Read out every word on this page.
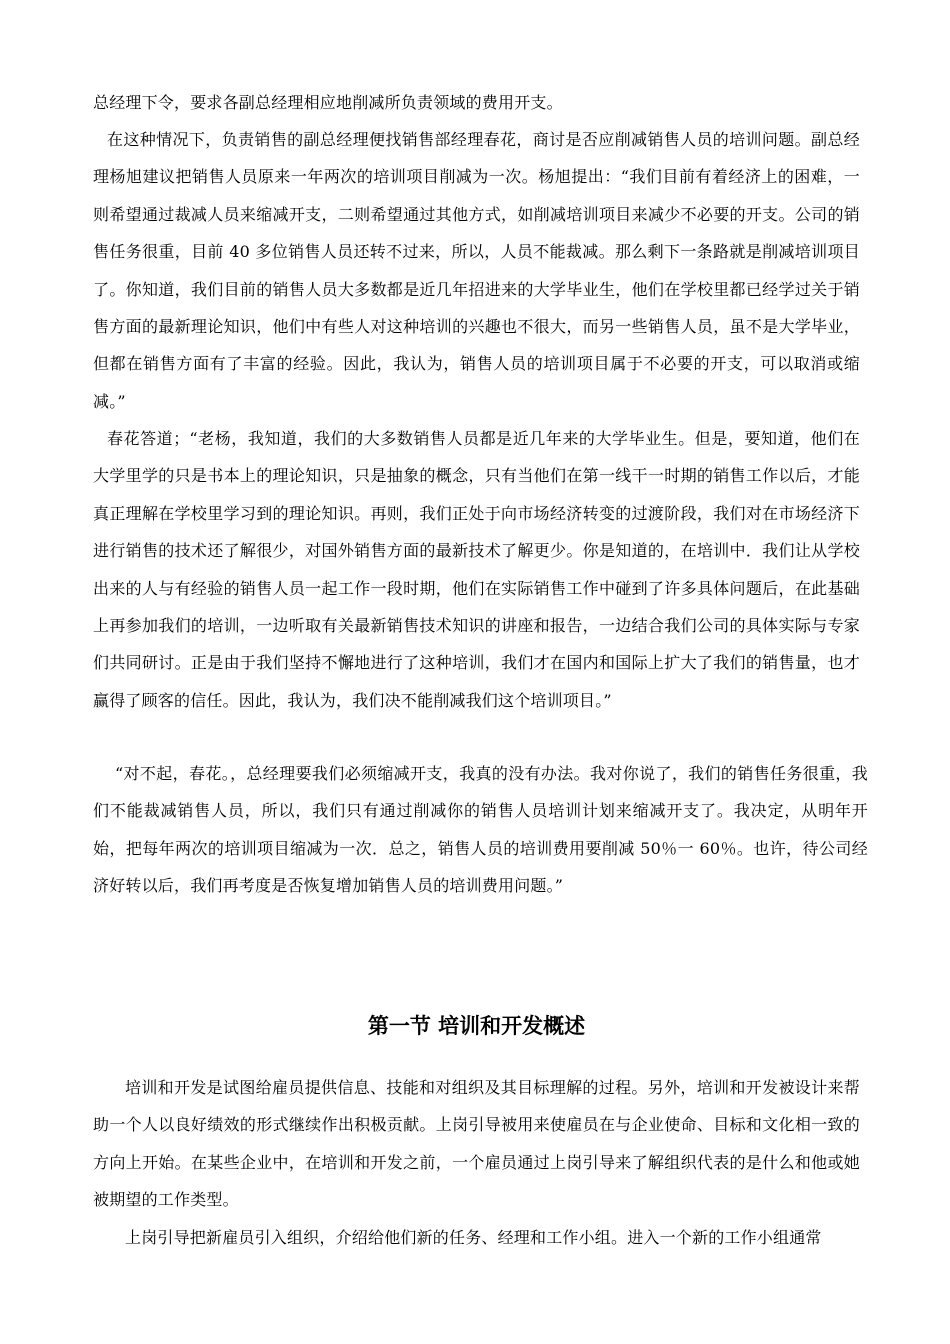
总经理下令，要求各副总经理相应地削减所负责领域的费用开支。

在这种情况下，负责销售的副总经理便找销售部经理春花，商讨是否应削减销售人员的培训问题。副总经理杨旭建议把销售人员原来一年两次的培训项目削减为一次。杨旭提出：“我们目前有着经济上的困难，一则希望通过裁减人员来缩减开支，二则希望通过其他方式，如削减培训项目来减少不必要的开支。公司的销售任务很重，目前 40 多位销售人员还转不过来，所以，人员不能裁减。那么剩下一条路就是削减培训项目了。你知道，我们目前的销售人员大多数都是近几年招进来的大学毕业生，他们在学校里都已经学过关于销售方面的最新理论知识，他们中有些人对这种培训的兴趣也不很大，而另一些销售人员，虽不是大学毕业，但都在销售方面有了丰富的经验。因此，我认为，销售人员的培训项目属于不必要的开支，可以取消或缩减。”

春花答道；“老杨，我知道，我们的大多数销售人员都是近几年来的大学毕业生。但是，要知道，他们在大学里学的只是书本上的理论知识，只是抽象的概念，只有当他们在第一线干一时期的销售工作以后，才能真正理解在学校里学习到的理论知识。再则，我们正处于向市场经济转变的过渡阶段，我们对在市场经济下进行销售的技术还了解很少，对国外销售方面的最新技术了解更少。你是知道的，在培训中．我们让从学校出来的人与有经验的销售人员一起工作一段时期，他们在实际销售工作中碰到了许多具体问题后，在此基础上再参加我们的培训，一边听取有关最新销售技术知识的讲座和报告，一边结合我们公司的具体实际与专家们共同研讨。正是由于我们坚持不懈地进行了这种培训，我们才在国内和国际上扩大了我们的销售量，也才赢得了顾客的信任。因此，我认为，我们决不能削减我们这个培训项目。”

“对不起，春花。，总经理要我们必须缩减开支，我真的没有办法。我对你说了，我们的销售任务很重，我们不能裁减销售人员，所以，我们只有通过削减你的销售人员培训计划来缩减开支了。我决定，从明年开始，把每年两次的培训项目缩减为一次．总之，销售人员的培训费用要削减 50％一 60％。也许，待公司经济好转以后，我们再考度是否恢复增加销售人员的培训费用问题。”

第一节 培训和开发概述

培训和开发是试图给雇员提供信息、技能和对组织及其目标理解的过程。另外，培训和开发被设计来帮助一个人以良好绩效的形式继续作出积极贡献。上岗引导被用来使雇员在与企业使命、目标和文化相一致的方向上开始。在某些企业中，在培训和开发之前，一个雇员通过上岗引导来了解组织代表的是什么和他或她被期望的工作类型。

上岗引导把新雇员引入组织，介绍给他们新的任务、经理和工作小组。进入一个新的工作小组通常
